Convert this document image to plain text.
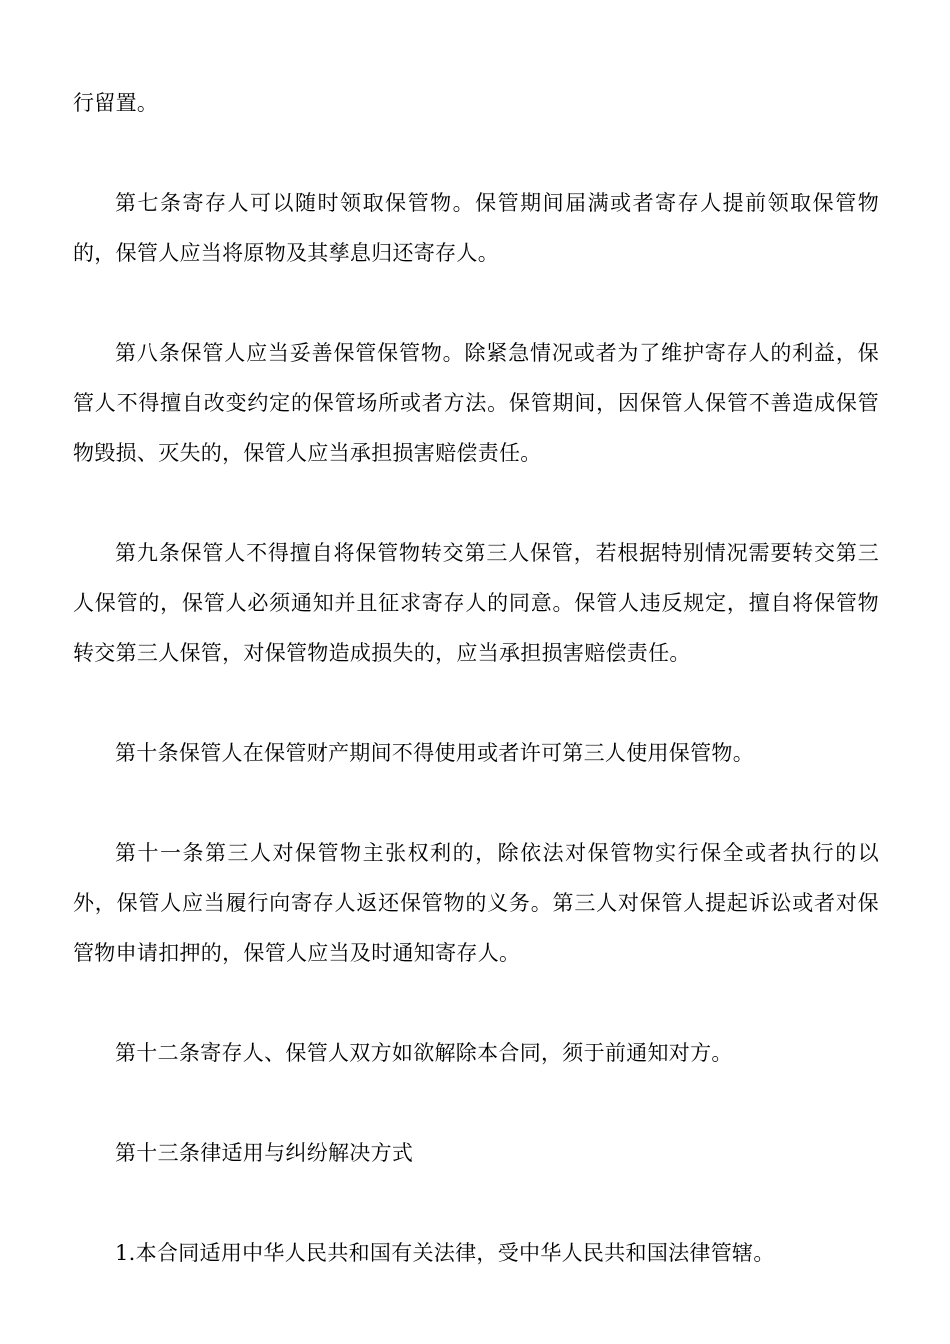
行留置。

第七条寄存人可以随时领取保管物。保管期间届满或者寄存人提前领取保管物的，保管人应当将原物及其孳息归还寄存人。

第八条保管人应当妥善保管保管物。除紧急情况或者为了维护寄存人的利益，保管人不得擅自改变约定的保管场所或者方法。保管期间，因保管人保管不善造成保管物毁损、灭失的，保管人应当承担损害赔偿责任。

第九条保管人不得擅自将保管物转交第三人保管，若根据特别情况需要转交第三人保管的，保管人必须通知并且征求寄存人的同意。保管人违反规定，擅自将保管物转交第三人保管，对保管物造成损失的，应当承担损害赔偿责任。

第十条保管人在保管财产期间不得使用或者许可第三人使用保管物。

第十一条第三人对保管物主张权利的，除依法对保管物实行保全或者执行的以外，保管人应当履行向寄存人返还保管物的义务。第三人对保管人提起诉讼或者对保管物申请扣押的，保管人应当及时通知寄存人。

第十二条寄存人、保管人双方如欲解除本合同，须于前通知对方。

第十三条律适用与纠纷解决方式

1.本合同适用中华人民共和国有关法律，受中华人民共和国法律管辖。
